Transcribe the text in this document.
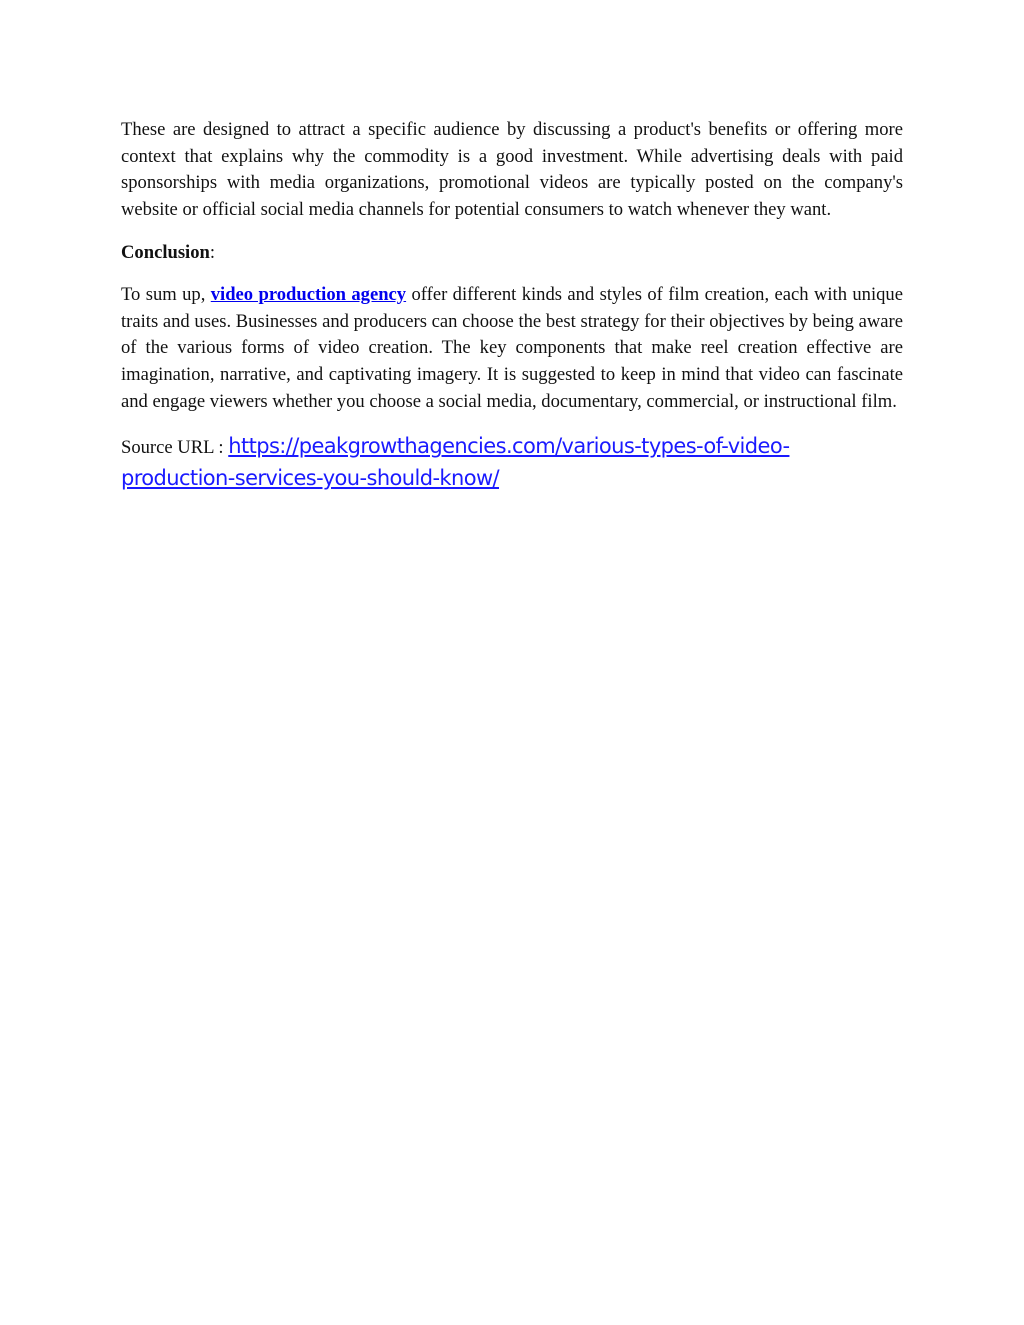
These are designed to attract a specific audience by discussing a product's benefits or offering more context that explains why the commodity is a good investment. While advertising deals with paid sponsorships with media organizations, promotional videos are typically posted on the company's website or official social media channels for potential consumers to watch whenever they want.

Conclusion:

To sum up, video production agency offer different kinds and styles of film creation, each with unique traits and uses. Businesses and producers can choose the best strategy for their objectives by being aware of the various forms of video creation. The key components that make reel creation effective are imagination, narrative, and captivating imagery. It is suggested to keep in mind that video can fascinate and engage viewers whether you choose a social media, documentary, commercial, or instructional film.

Source URL : https://peakgrowthagencies.com/various-types-of-video-production-services-you-should-know/
